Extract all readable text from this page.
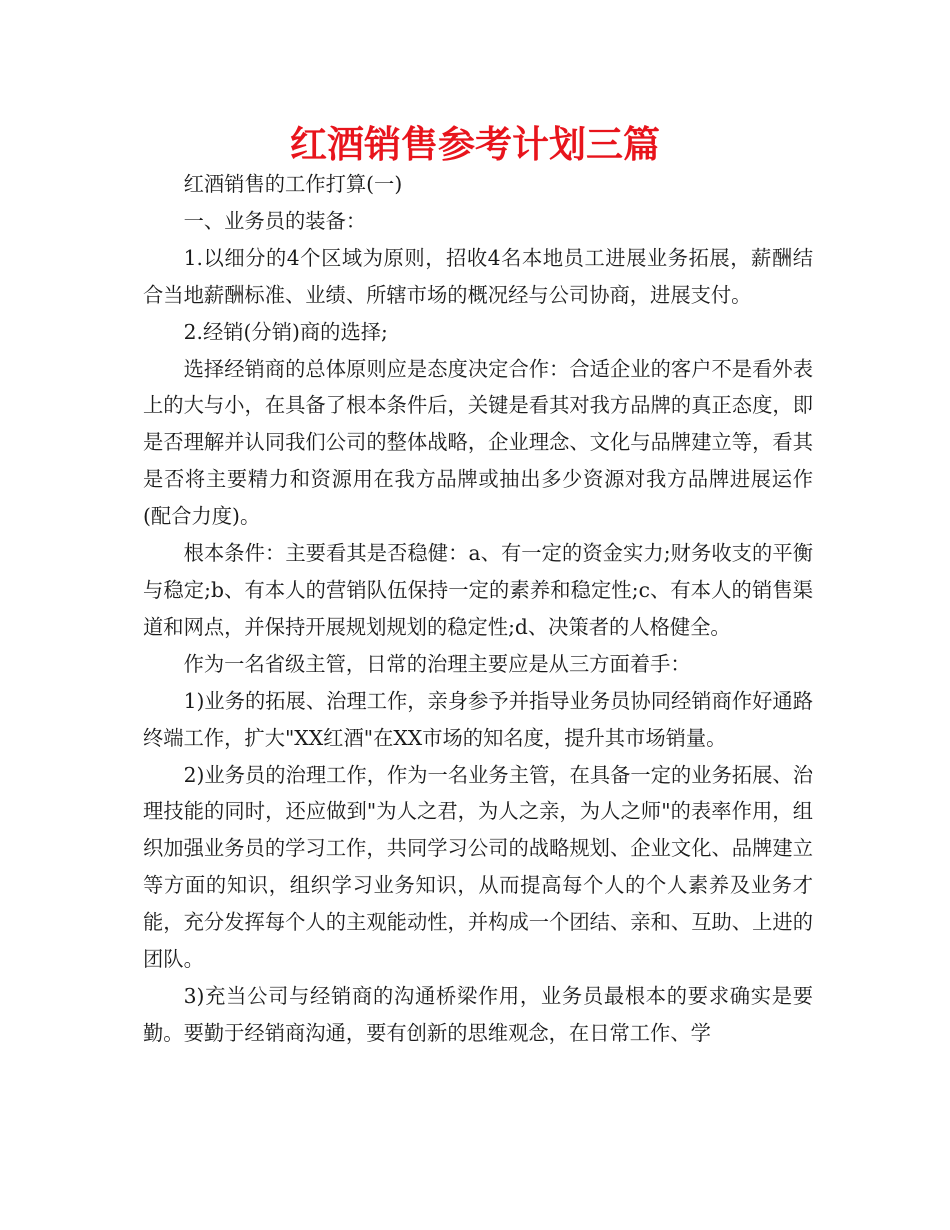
红酒销售参考计划三篇

红酒销售的工作打算(一)

一、业务员的装备：

1.以细分的4个区域为原则，招收4名本地员工进展业务拓展，薪酬结合当地薪酬标准、业绩、所辖市场的概况经与公司协商，进展支付。

2.经销(分销)商的选择;

选择经销商的总体原则应是态度决定合作：合适企业的客户不是看外表上的大与小，在具备了根本条件后，关键是看其对我方品牌的真正态度，即是否理解并认同我们公司的整体战略，企业理念、文化与品牌建立等，看其是否将主要精力和资源用在我方品牌或抽出多少资源对我方品牌进展运作(配合力度)。

根本条件：主要看其是否稳健：a、有一定的资金实力;财务收支的平衡与稳定;b、有本人的营销队伍保持一定的素养和稳定性;c、有本人的销售渠道和网点，并保持开展规划规划的稳定性;d、决策者的人格健全。

作为一名省级主管，日常的治理主要应是从三方面着手：

1)业务的拓展、治理工作，亲身参予并指导业务员协同经销商作好通路终端工作，扩大"XX红酒"在XX市场的知名度，提升其市场销量。

2)业务员的治理工作，作为一名业务主管，在具备一定的业务拓展、治理技能的同时，还应做到"为人之君，为人之亲，为人之师"的表率作用，组织加强业务员的学习工作，共同学习公司的战略规划、企业文化、品牌建立等方面的知识，组织学习业务知识，从而提高每个人的个人素养及业务才能，充分发挥每个人的主观能动性，并构成一个团结、亲和、互助、上进的团队。

3)充当公司与经销商的沟通桥梁作用，业务员最根本的要求确实是要勤。要勤于经销商沟通，要有创新的思维观念，在日常工作、学
